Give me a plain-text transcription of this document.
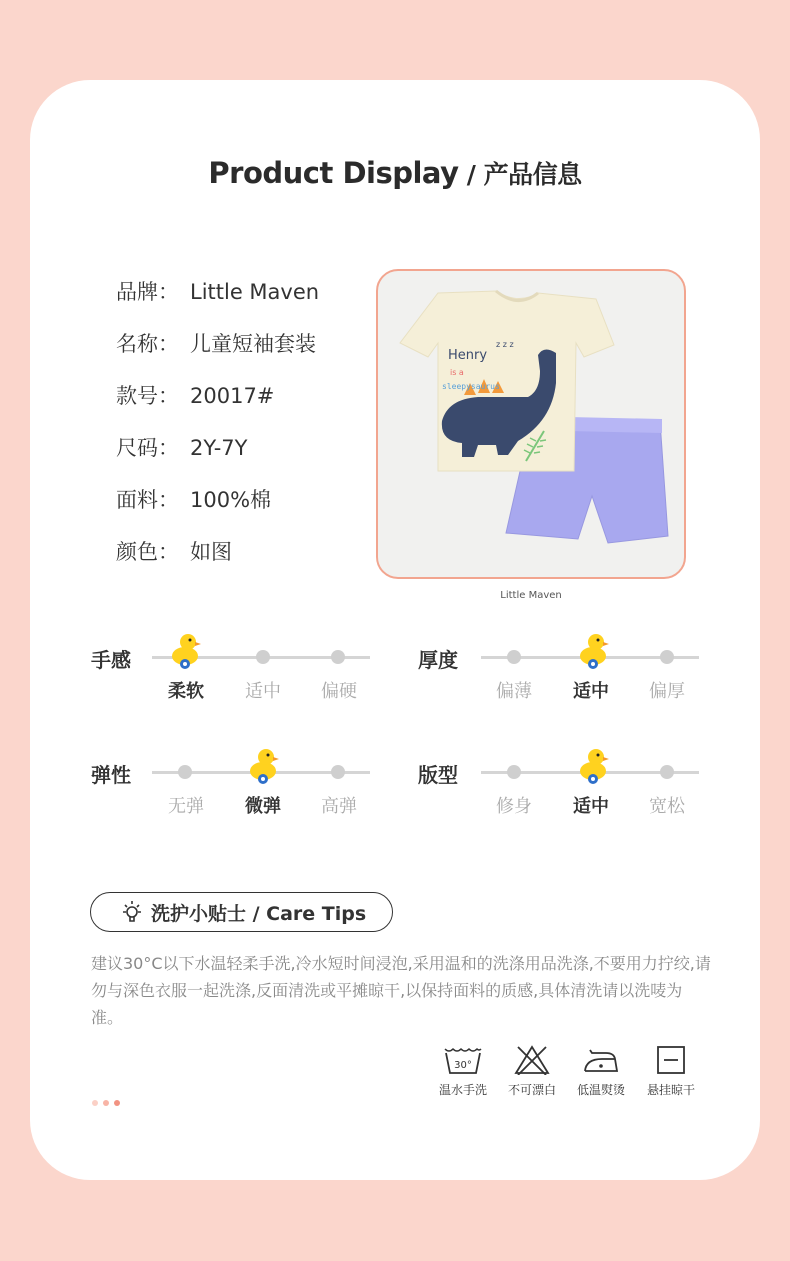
Product Display / 产品信息
品牌： Little Maven
名称： 儿童短袖套装
款号： 20017#
尺码： 2Y-7Y
面料： 100%棉
颜色： 如图
Henry
z z z
is a
sleepysaurus
Little Maven
手感
柔软	适中	偏硬
厚度
偏薄	适中	偏厚
弹性
无弹	微弹	高弹
版型
修身	适中	宽松
洗护小贴士 / Care Tips
建议30°C以下水温轻柔手洗,冷水短时间浸泡,采用温和的洗涤用品洗涤,不要用力拧绞,请勿与深色衣服一起洗涤,反面清洗或平摊晾干,以保持面料的质感,具体清洗请以洗唛为准。
30°
温水手洗	不可漂白	低温熨烫	悬挂晾干
